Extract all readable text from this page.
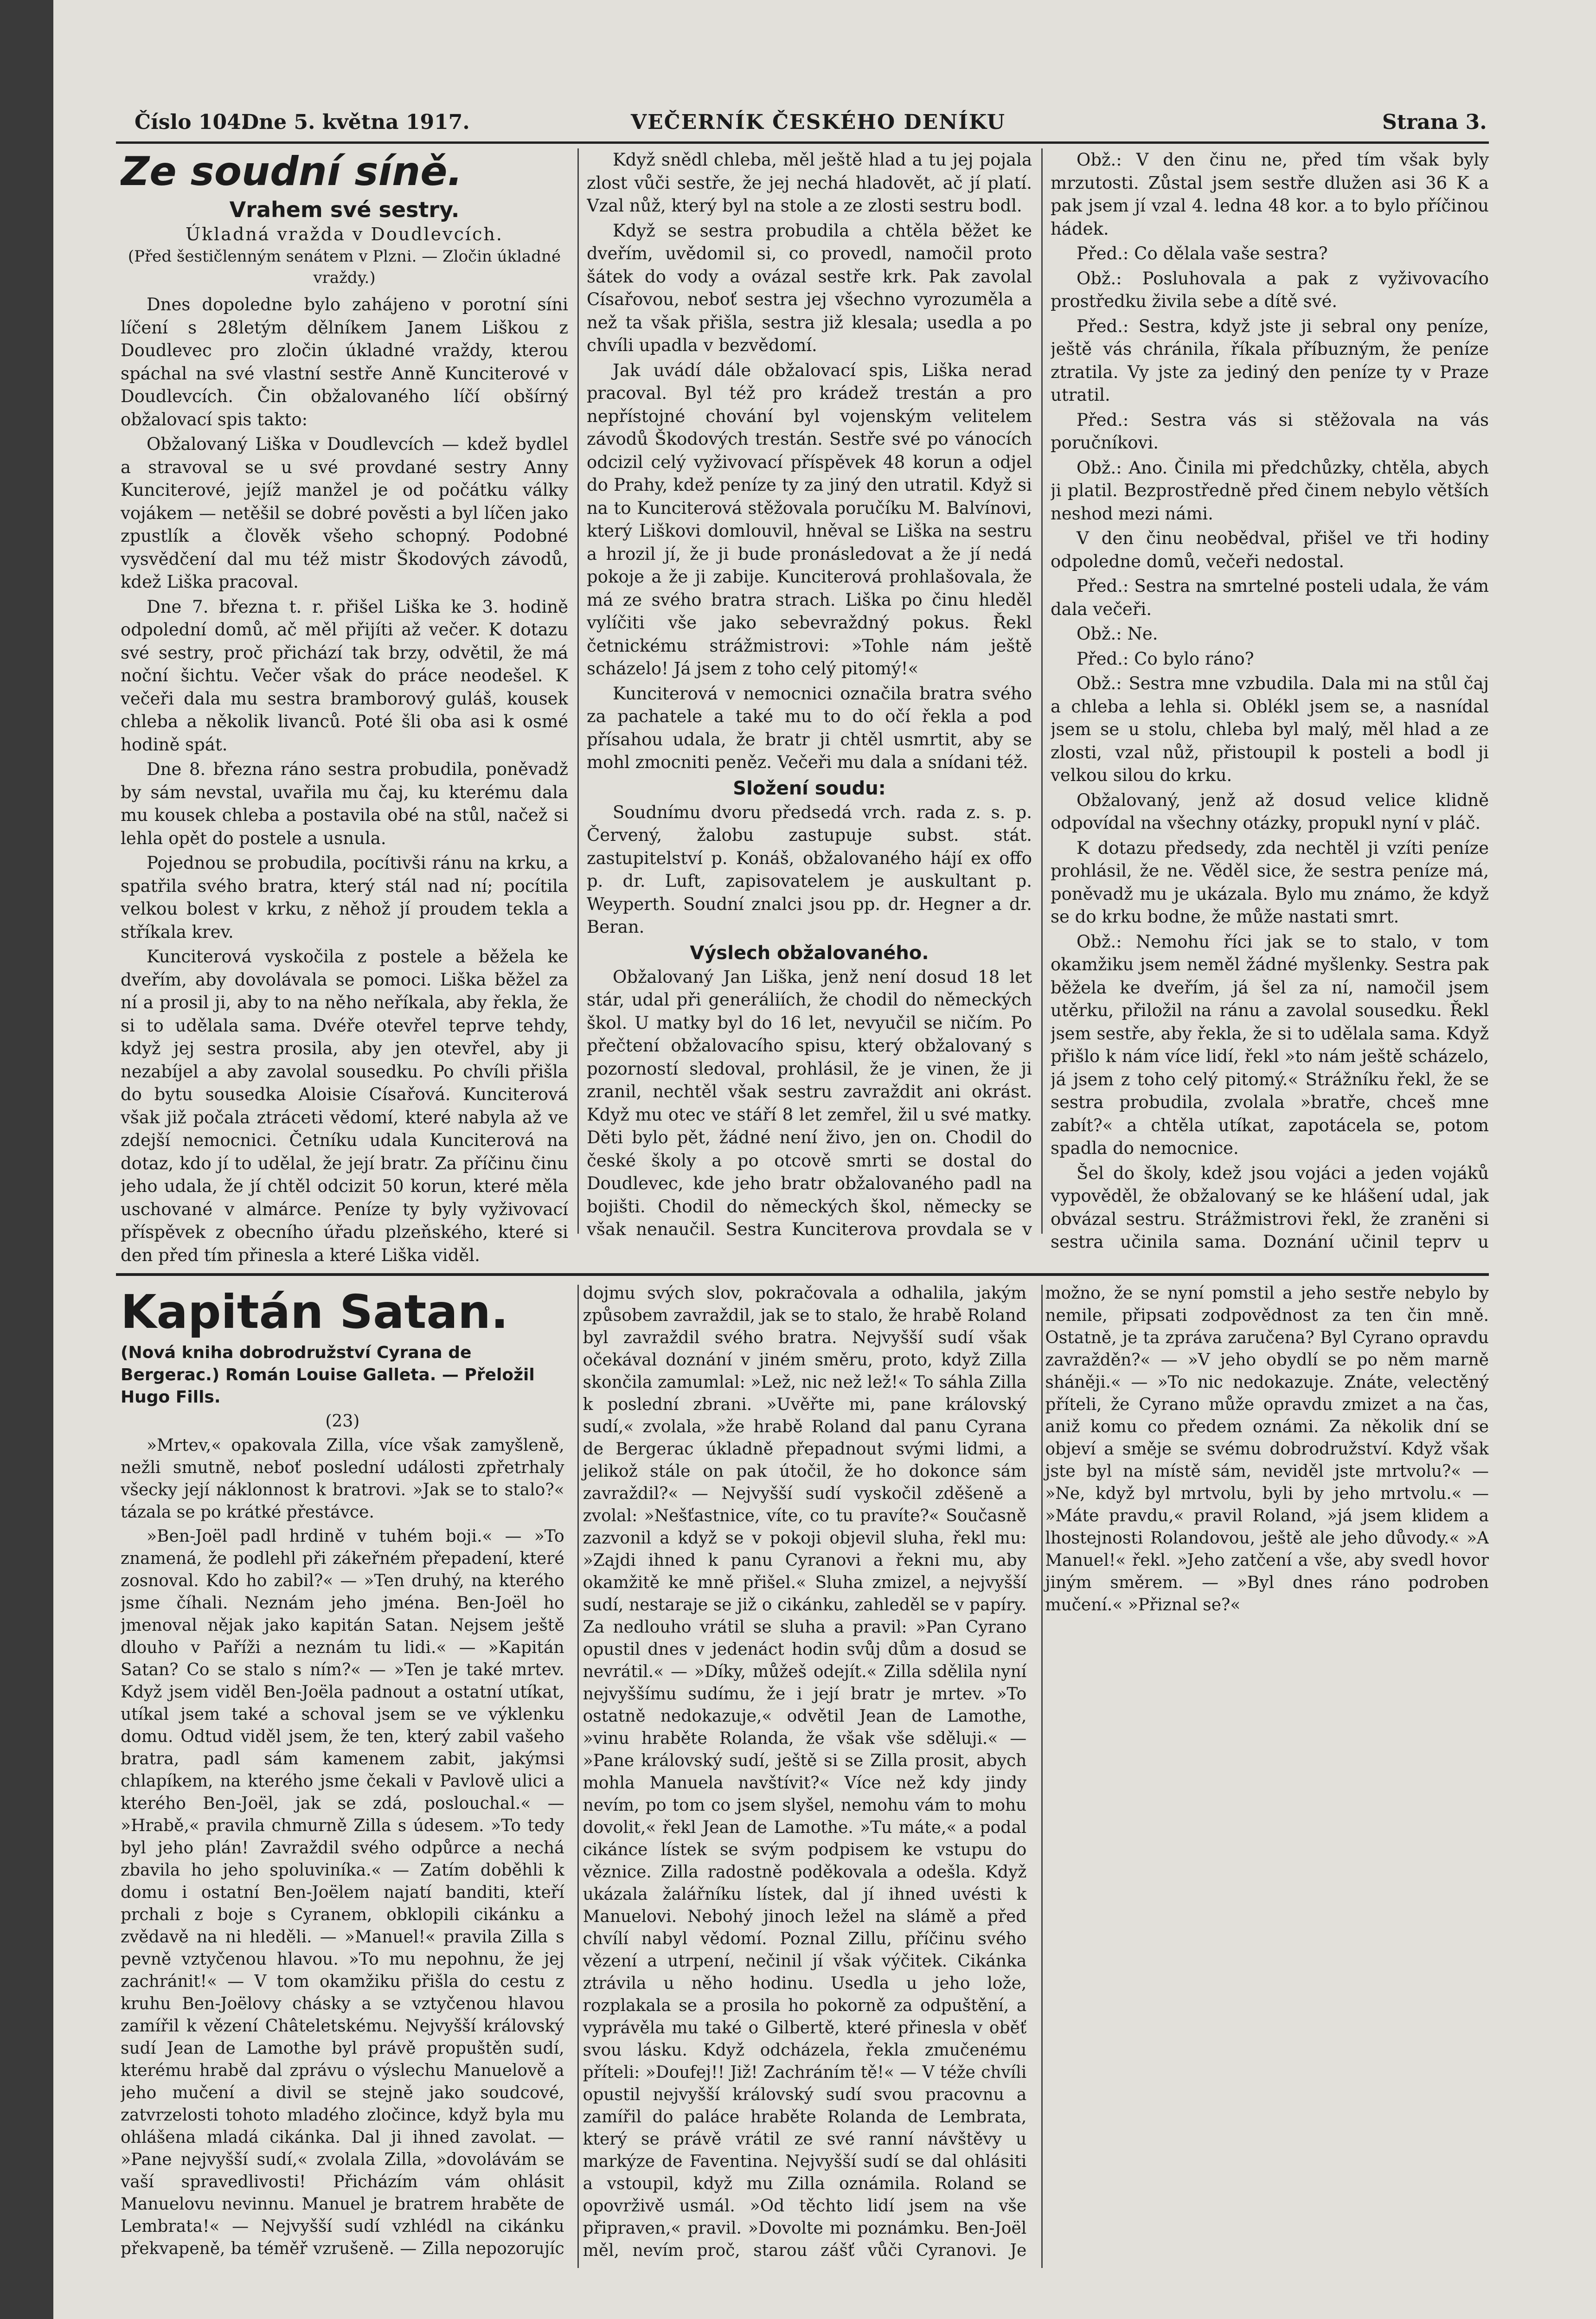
Číslo 104.
Dne 5. května 1917.	VEČERNÍK ČESKÉHO DENÍKU	Strana 3.
Ze soudní síně.
Vrahem své sestry.
Úkladná vražda v Doudlevcích.
(Před šestičlenným senátem v Plzni. — Zločin úkladné vraždy.)

Dnes dopoledne bylo zahájeno v porotní síni líčení s 28letým dělníkem Janem Liškou z Doudlevec pro zločin úkladné vraždy, kterou spáchal na své vlastní sestře Anně Kunciterové v Doudlevcích. Čin obžalovaného líčí obšírný obžalovací spis takto:

Obžalovaný Liška v Doudlevcích — kdež bydlel a stravoval se u své provdané sestry Anny Kunciterové, jejíž manžel je od počátku války vojákem — netěšil se dobré pověsti a byl líčen jako zpustlík a člověk všeho schopný. Podobné vysvědčení dal mu též mistr Škodových závodů, kdež Liška pracoval.

Dne 7. března t. r. přišel Liška ke 3. hodině odpolední domů, ač měl přijíti až večer. K dotazu své sestry, proč přichází tak brzy, odvětil, že má noční šichtu. Večer však do práce neodešel. K večeři dala mu sestra bramborový guláš, kousek chleba a několik livanců. Poté šli oba asi k osmé hodině spát.

Dne 8. března ráno sestra probudila, poněvadž by sám nevstal, uvařila mu čaj, ku kterému dala mu kousek chleba a postavila obé na stůl, načež si lehla opět do postele a usnula.

Pojednou se probudila, pocítivši ránu na krku, a spatřila svého bratra, který stál nad ní; pocítila velkou bolest v krku, z něhož jí proudem tekla a stříkala krev.

Kunciterová vyskočila z postele a běžela ke dveřím, aby dovolávala se pomoci. Liška běžel za ní a prosil ji, aby to na něho neříkala, aby řekla, že si to udělala sama. Dvéře otevřel teprve tehdy, když jej sestra prosila, aby jen otevřel, aby ji nezabíjel a aby zavolal sousedku. Po chvíli přišla do bytu sousedka Aloisie Císařová. Kunciterová však již počala ztráceti vědomí, které nabyla až ve zdejší nemocnici. Četníku udala Kunciterová na dotaz, kdo jí to udělal, že její bratr. Za příčinu činu jeho udala, že jí chtěl odcizit 50 korun, které měla uschované v almárce. Peníze ty byly vyživovací příspěvek z obecního úřadu plzeňského, které si den před tím přinesla a které Liška viděl.

Když snědl chleba, měl ještě hlad a tu jej pojala zlost vůči sestře, že jej nechá hladovět, ač jí platí. Vzal nůž, který byl na stole a ze zlosti sestru bodl.

Když se sestra probudila a chtěla běžet ke dveřím, uvědomil si, co provedl, namočil proto šátek do vody a ovázal sestře krk. Pak zavolal Císařovou, neboť sestra jej všechno vyrozuměla a než ta však přišla, sestra již klesala; usedla a po chvíli upadla v bezvědomí.

Jak uvádí dále obžalovací spis, Liška nerad pracoval. Byl též pro krádež trestán a pro nepřístojné chování byl vojenským velitelem závodů Škodových trestán. Sestře své po vánocích odcizil celý vyživovací příspěvek 48 korun a odjel do Prahy, kdež peníze ty za jiný den utratil. Když si na to Kunciterová stěžovala poručíku M. Balvínovi, který Liškovi domlouvil, hněval se Liška na sestru a hrozil jí, že ji bude pronásledovat a že jí nedá pokoje a že ji zabije. Kunciterová prohlašovala, že má ze svého bratra strach. Liška po činu hleděl vylíčiti vše jako sebevraždný pokus. Řekl četnickému strážmistrovi: »Tohle nám ještě scházelo! Já jsem z toho celý pitomý!«

Kunciterová v nemocnici označila bratra svého za pachatele a také mu to do očí řekla a pod přísahou udala, že bratr ji chtěl usmrtit, aby se mohl zmocniti peněz. Večeři mu dala a snídani též.

Složení soudu:

Soudnímu dvoru předsedá vrch. rada z. s. p. Červený, žalobu zastupuje subst. stát. zastupitelství p. Konáš, obžalovaného hájí ex offo p. dr. Luft, zapisovatelem je auskultant p. Weyperth. Soudní znalci jsou pp. dr. Hegner a dr. Beran.

Výslech obžalovaného.

Obžalovaný Jan Liška, jenž není dosud 18 let stár, udal při generáliích, že chodil do německých škol. U matky byl do 16 let, nevyučil se ničím. Po přečtení obžalovacího spisu, který obžalovaný s pozorností sledoval, prohlásil, že je vinen, že ji zranil, nechtěl však sestru zavraždit ani okrást. Když mu otec ve stáří 8 let zemřel, žil u své matky. Děti bylo pět, žádné není živo, jen on. Chodil do české školy a po otcově smrti se dostal do Doudlevec, kde jeho bratr obžalovaného padl na bojišti. Chodil do německých škol, německy se však nenaučil. Sestra Kunciterova provdala se v

Obž.: V den činu ne, před tím však byly mrzutosti. Zůstal jsem sestře dlužen asi 36 K a pak jsem jí vzal 4. ledna 48 kor. a to bylo příčinou hádek.

Před.: Co dělala vaše sestra?

Obž.: Posluhovala a pak z vyživovacího prostředku živila sebe a dítě své.

Před.: Sestra, když jste ji sebral ony peníze, ještě vás chránila, říkala příbuzným, že peníze ztratila. Vy jste za jediný den peníze ty v Praze utratil.

Před.: Sestra vás si stěžovala na vás poručníkovi.

Obž.: Ano. Činila mi předchůzky, chtěla, abych ji platil. Bezprostředně před činem nebylo větších neshod mezi námi.

V den činu neobědval, přišel ve tři hodiny odpoledne domů, večeři nedostal.

Před.: Sestra na smrtelné posteli udala, že vám dala večeři.

Obž.: Ne.

Před.: Co bylo ráno?

Obž.: Sestra mne vzbudila. Dala mi na stůl čaj a chleba a lehla si. Oblékl jsem se, a nasnídal jsem se u stolu, chleba byl malý, měl hlad a ze zlosti, vzal nůž, přistoupil k posteli a bodl ji velkou silou do krku.

Obžalovaný, jenž až dosud velice klidně odpovídal na všechny otázky, propukl nyní v pláč.

K dotazu předsedy, zda nechtěl ji vzíti peníze prohlásil, že ne. Věděl sice, že sestra peníze má, poněvadž mu je ukázala. Bylo mu známo, že když se do krku bodne, že může nastati smrt.

Obž.: Nemohu říci jak se to stalo, v tom okamžiku jsem neměl žádné myšlenky. Sestra pak běžela ke dveřím, já šel za ní, namočil jsem utěrku, přiložil na ránu a zavolal sousedku. Řekl jsem sestře, aby řekla, že si to udělala sama. Když přišlo k nám více lidí, řekl »to nám ještě scházelo, já jsem z toho celý pitomý.« Strážníku řekl, že se sestra probudila, zvolala »bratře, chceš mne zabít?« a chtěla utíkat, zapotácela se, potom spadla do nemocnice.

Šel do školy, kdež jsou vojáci a jeden vojáků vypověděl, že obžalovaný se ke hlášení udal, jak obvázal sestru. Strážmistrovi řekl, že zraněni si sestra učinila sama. Doznání učinil teprv u

Kapitán Satan.
(Nová kniha dobrodružství Cyrana de Bergerac.) Román Louise Galleta. — Přeložil Hugo Fills.
(23)

»Mrtev,« opakovala Zilla, více však zamyšleně, nežli smutně, neboť poslední události zpřetrhaly všecky její náklonnost k bratrovi. »Jak se to stalo?« tázala se po krátké přestávce.

»Ben-Joël padl hrdině v tuhém boji.« — »To znamená, že podlehl při zákeřném přepadení, které zosnoval. Kdo ho zabil?« — »Ten druhý, na kterého jsme číhali. Neznám jeho jména. Ben-Joël ho jmenoval nějak jako kapitán Satan. Nejsem ještě dlouho v Paříži a neznám tu lidi.« — »Kapitán Satan? Co se stalo s ním?« — »Ten je také mrtev. Když jsem viděl Ben-Joëla padnout a ostatní utíkat, utíkal jsem také a schoval jsem se ve výklenku domu. Odtud viděl jsem, že ten, který zabil vašeho bratra, padl sám kamenem zabit, jakýmsi chlapíkem, na kterého jsme čekali v Pavlově ulici a kterého Ben-Joël, jak se zdá, poslouchal.« — »Hrabě,« pravila chmurně Zilla s údesem. »To tedy byl jeho plán! Zavraždil svého odpůrce a nechá zbavila ho jeho spoluviníka.« — Zatím doběhli k domu i ostatní Ben-Joëlem najatí banditi, kteří prchali z boje s Cyranem, obklopili cikánku a zvědavě na ni hleděli. — »Manuel!« pravila Zilla s pevně vztyčenou hlavou. »To mu nepohnu, že jej zachránit!« — V tom okamžiku přišla do cestu z kruhu Ben-Joëlovy chásky a se vztyčenou hlavou zamířil k vězení Châteletskému. Nejvyšší královský sudí Jean de Lamothe byl právě propuštěn sudí, kterému hrabě dal zprávu o výslechu Manuelově a jeho mučení a divil se stejně jako soudcové, zatvrzelosti tohoto mladého zločince, když byla mu ohlášena mladá cikánka. Dal ji ihned zavolat. — »Pane nejvyšší sudí,« zvolala Zilla, »dovolávám se vaší spravedlivosti! Přicházím vám ohlásit Manuelovu nevinnu. Manuel je bratrem hraběte de Lembrata!« — Nejvyšší sudí vzhlédl na cikánku překvapeně, ba téměř vzrušeně. — Zilla nepozorujíc dojmu svých slov, pokračovala a odhalila, jakým způsobem zavraždil, jak se to stalo, že hrabě Roland byl zavraždil svého bratra. Nejvyšší sudí však očekával doznání v jiném směru, proto, když Zilla skončila zamumlal: »Lež, nic než lež!« To sáhla Zilla k poslední zbrani. »Uvěřte mi, pane královský sudí,« zvolala, »že hrabě Roland dal panu Cyrana de Bergerac úkladně přepadnout svými lidmi, a jelikož stále on pak útočil, že ho dokonce sám zavraždil?« — Nejvyšší sudí vyskočil zděšeně a zvolal: »Nešťastnice, víte, co tu pravíte?« Současně zazvonil a když se v pokoji objevil sluha, řekl mu: »Zajdi ihned k panu Cyranovi a řekni mu, aby okamžitě ke mně přišel.« Sluha zmizel, a nejvyšší sudí, nestaraje se již o cikánku, zahleděl se v papíry. Za nedlouho vrátil se sluha a pravil: »Pan Cyrano opustil dnes v jedenáct hodin svůj dům a dosud se nevrátil.« — »Díky, můžeš odejít.« Zilla sdělila nyní nejvyššímu sudímu, že i její bratr je mrtev. »To ostatně nedokazuje,« odvětil Jean de Lamothe, »vinu hraběte Rolanda, že však vše sděluji.« — »Pane královský sudí, ještě si se Zilla prosit, abych mohla Manuela navštívit?« Více než kdy jindy nevím, po tom co jsem slyšel, nemohu vám to mohu dovolit,« řekl Jean de Lamothe. »Tu máte,« a podal cikánce lístek se svým podpisem ke vstupu do věznice. Zilla radostně poděkovala a odešla. Když ukázala žalářníku lístek, dal jí ihned uvésti k Manuelovi. Nebohý jinoch ležel na slámě a před chvílí nabyl vědomí. Poznal Zillu, příčinu svého vězení a utrpení, nečinil jí však výčitek. Cikánka ztrávila u něho hodinu. Usedla u jeho lože, rozplakala se a prosila ho pokorně za odpuštění, a vyprávěla mu také o Gilbertě, které přinesla v oběť svou lásku. Když odcházela, řekla zmučenému příteli: »Doufej!! Již! Zachráním tě!« — V téže chvíli opustil nejvyšší královský sudí svou pracovnu a zamířil do paláce hraběte Rolanda de Lembrata, který se právě vrátil ze své ranní návštěvy u markýze de Faventina. Nejvyšší sudí se dal ohlásiti a vstoupil, když mu Zilla oznámila. Roland se opovrživě usmál. »Od těchto lidí jsem na vše připraven,« pravil. »Dovolte mi poznámku. Ben-Joël měl, nevím proč, starou zášť vůči Cyranovi. Je možno, že se nyní pomstil a jeho sestře nebylo by nemile, připsati zodpovědnost za ten čin mně. Ostatně, je ta zpráva zaručena? Byl Cyrano opravdu zavražděn?« — »V jeho obydlí se po něm marně sháněji.« — »To nic nedokazuje. Znáte, velectěný příteli, že Cyrano může opravdu zmizet a na čas, aniž komu co předem oznámi. Za několik dní se objeví a směje se svému dobrodružství. Když však jste byl na místě sám, neviděl jste mrtvolu?« — »Ne, když byl mrtvolu, byli by jeho mrtvolu.« — »Máte pravdu,« pravil Roland, »já jsem klidem a lhostejnosti Rolandovou, ještě ale jeho důvody.« »A Manuel!« řekl. »Jeho zatčení a vše, aby svedl hovor jiným směrem. — »Byl dnes ráno podroben mučení.« »Přiznal se?«
